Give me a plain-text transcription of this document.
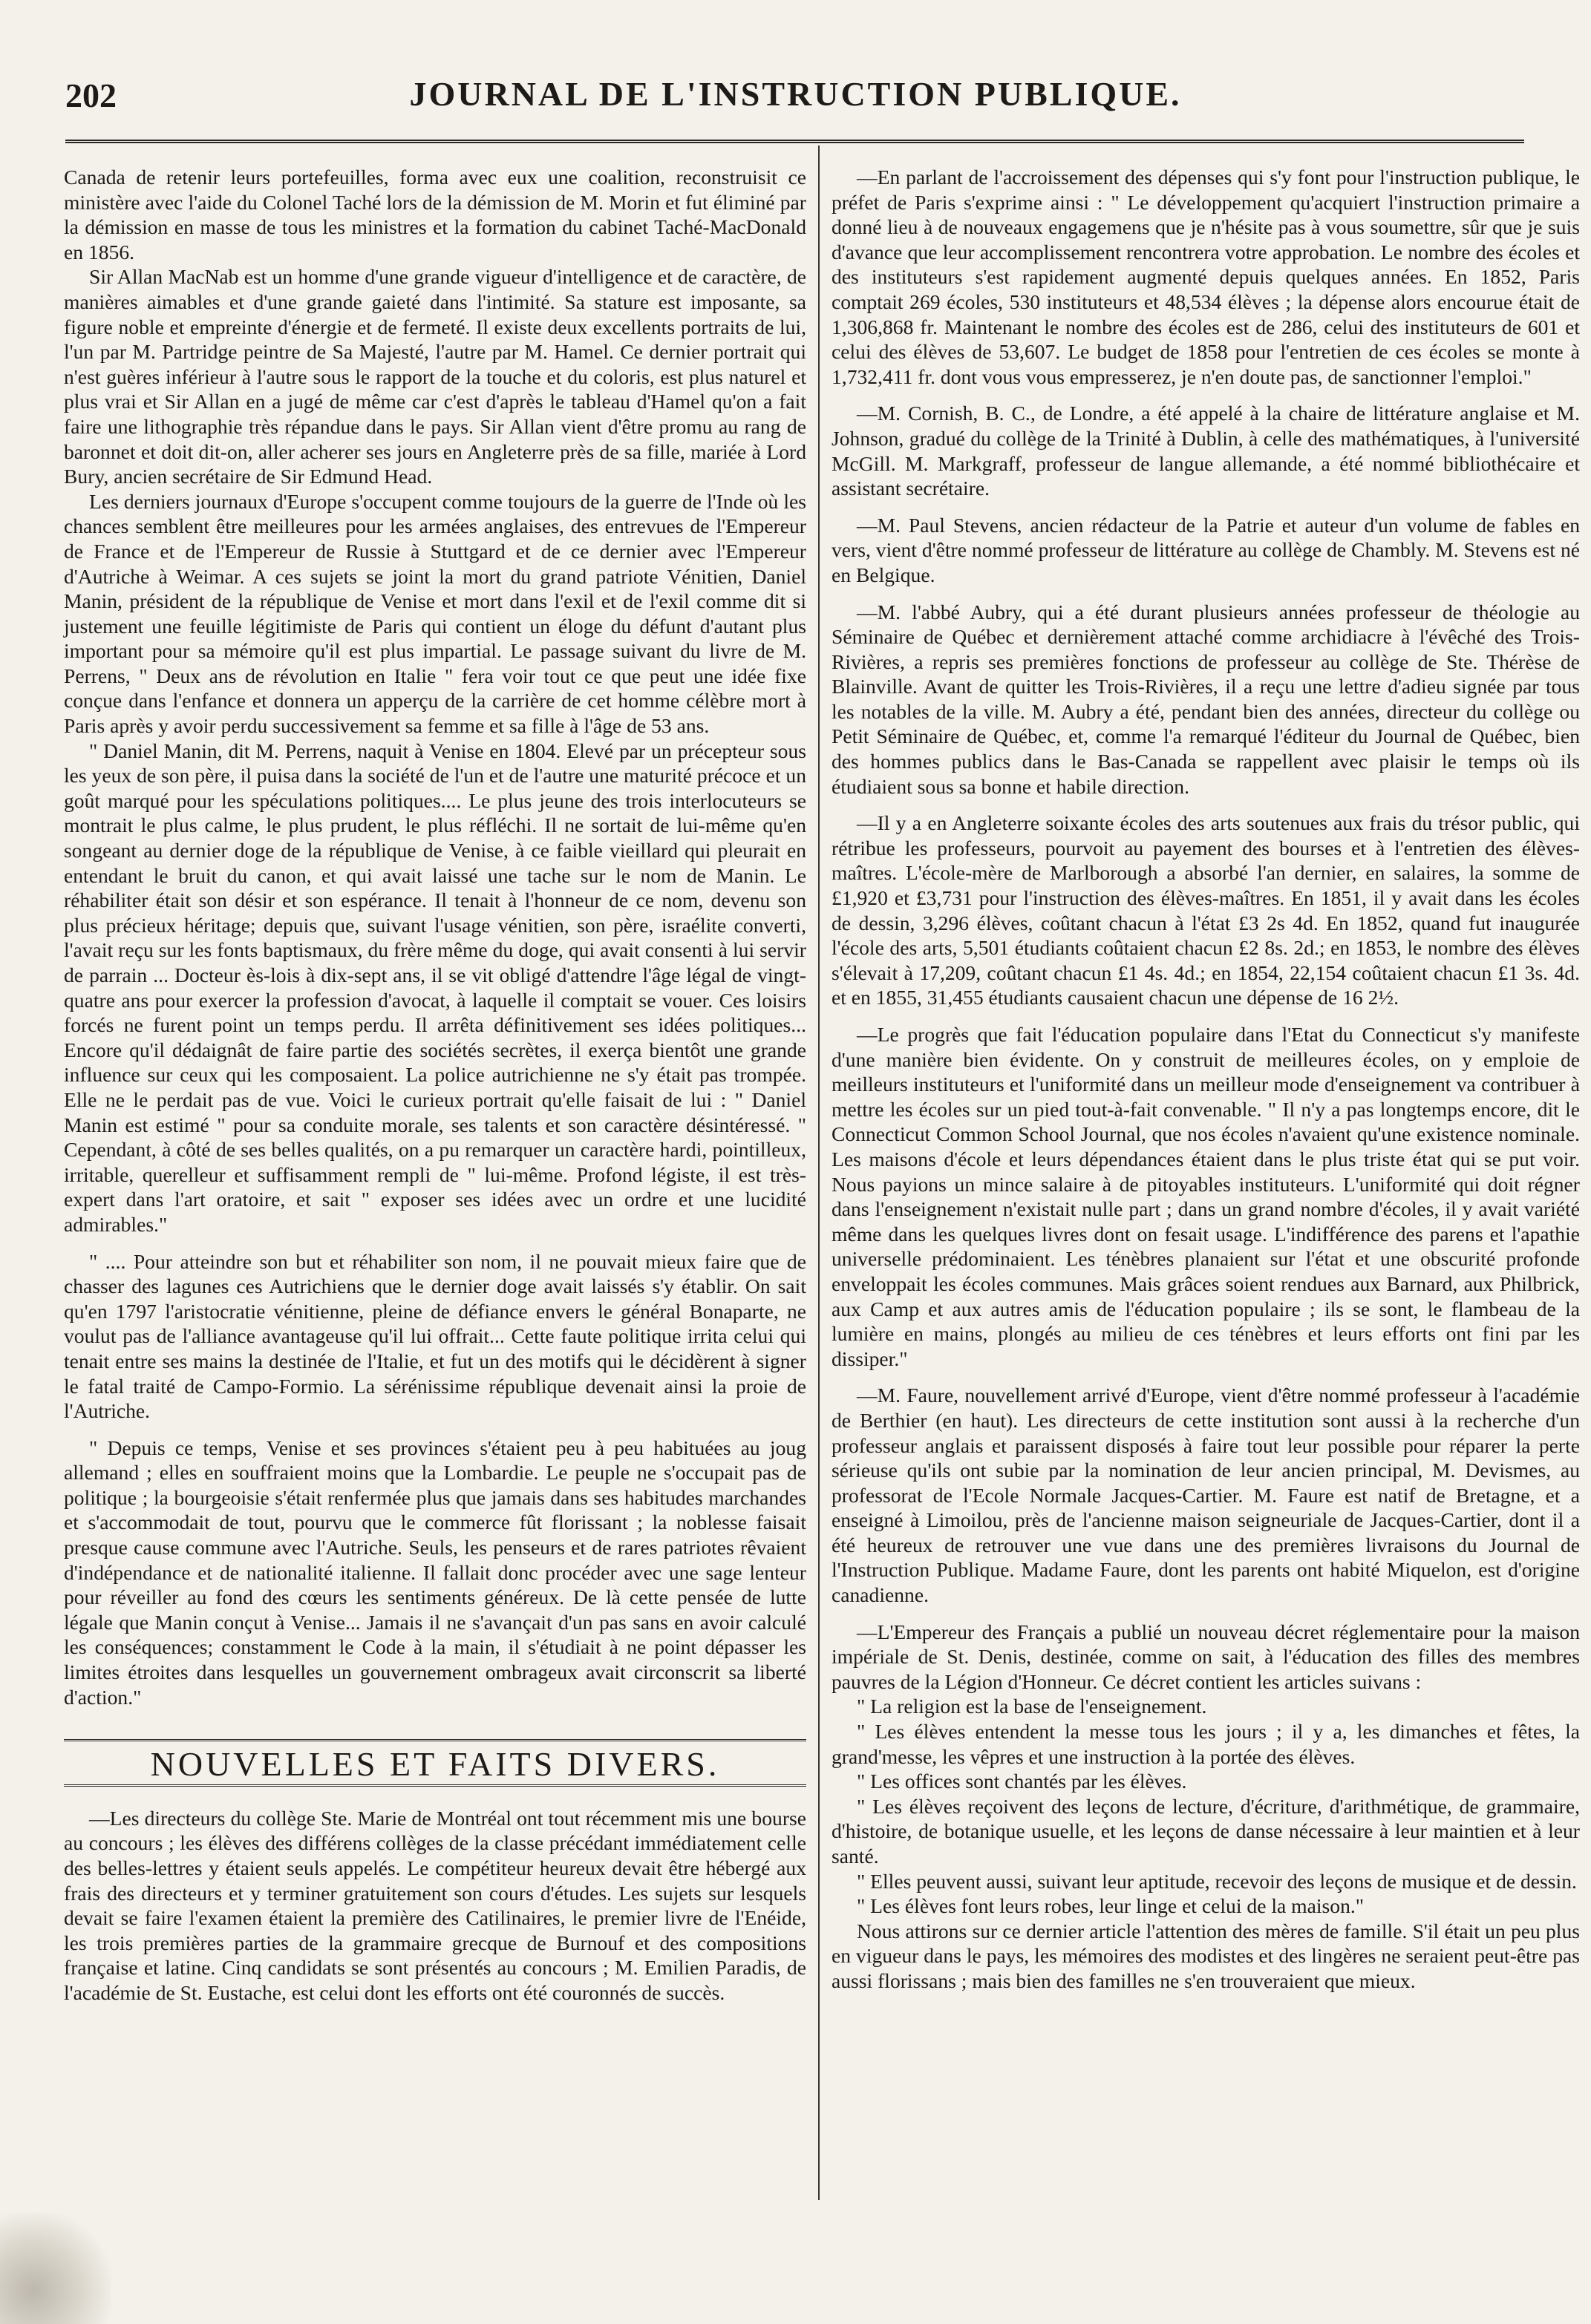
202	JOURNAL DE L'INSTRUCTION PUBLIQUE.

Canada de retenir leurs portefeuilles, forma avec eux une coalition, reconstruisit ce ministère avec l'aide du Colonel Taché lors de la démission de M. Morin et fut éliminé par la démission en masse de tous les ministres et la formation du cabinet Taché-MacDonald en 1856.

Sir Allan MacNab est un homme d'une grande vigueur d'intelligence et de caractère, de manières aimables et d'une grande gaieté dans l'intimité. Sa stature est imposante, sa figure noble et empreinte d'énergie et de fermeté. Il existe deux excellents portraits de lui, l'un par M. Partridge peintre de Sa Majesté, l'autre par M. Hamel. Ce dernier portrait qui n'est guères inférieur à l'autre sous le rapport de la touche et du coloris, est plus naturel et plus vrai et Sir Allan en a jugé de même car c'est d'après le tableau d'Hamel qu'on a fait faire une lithographie très répandue dans le pays. Sir Allan vient d'être promu au rang de baronnet et doit dit-on, aller acherer ses jours en Angleterre près de sa fille, mariée à Lord Bury, ancien secrétaire de Sir Edmund Head.

Les derniers journaux d'Europe s'occupent comme toujours de la guerre de l'Inde où les chances semblent être meilleures pour les armées anglaises, des entrevues de l'Empereur de France et de l'Empereur de Russie à Stuttgard et de ce dernier avec l'Empereur d'Autriche à Weimar. A ces sujets se joint la mort du grand patriote Vénitien, Daniel Manin, président de la république de Venise et mort dans l'exil et de l'exil comme dit si justement une feuille légitimiste de Paris qui contient un éloge du défunt d'autant plus important pour sa mémoire qu'il est plus impartial. Le passage suivant du livre de M. Perrens, " Deux ans de révolution en Italie " fera voir tout ce que peut une idée fixe conçue dans l'enfance et donnera un apperçu de la carrière de cet homme célèbre mort à Paris après y avoir perdu successivement sa femme et sa fille à l'âge de 53 ans.

" Daniel Manin, dit M. Perrens, naquit à Venise en 1804. Elevé par un précepteur sous les yeux de son père, il puisa dans la société de l'un et de l'autre une maturité précoce et un goût marqué pour les spéculations politiques.... Le plus jeune des trois interlocuteurs se montrait le plus calme, le plus prudent, le plus réfléchi. Il ne sortait de lui-même qu'en songeant au dernier doge de la république de Venise, à ce faible vieillard qui pleurait en entendant le bruit du canon, et qui avait laissé une tache sur le nom de Manin. Le réhabiliter était son désir et son espérance. Il tenait à l'honneur de ce nom, devenu son plus précieux héritage; depuis que, suivant l'usage vénitien, son père, israélite converti, l'avait reçu sur les fonts baptismaux, du frère même du doge, qui avait consenti à lui servir de parrain ... Docteur ès-lois à dix-sept ans, il se vit obligé d'attendre l'âge légal de vingt-quatre ans pour exercer la profession d'avocat, à laquelle il comptait se vouer. Ces loisirs forcés ne furent point un temps perdu. Il arrêta définitivement ses idées politiques... Encore qu'il dédaignât de faire partie des sociétés secrètes, il exerça bientôt une grande influence sur ceux qui les composaient. La police autrichienne ne s'y était pas trompée. Elle ne le perdait pas de vue. Voici le curieux portrait qu'elle faisait de lui : " Daniel Manin est estimé " pour sa conduite morale, ses talents et son caractère désintéressé. " Cependant, à côté de ses belles qualités, on a pu remarquer un caractère hardi, pointilleux, irritable, querelleur et suffisamment rempli de " lui-même. Profond légiste, il est très-expert dans l'art oratoire, et sait " exposer ses idées avec un ordre et une lucidité admirables."

" .... Pour atteindre son but et réhabiliter son nom, il ne pouvait mieux faire que de chasser des lagunes ces Autrichiens que le dernier doge avait laissés s'y établir. On sait qu'en 1797 l'aristocratie vénitienne, pleine de défiance envers le général Bonaparte, ne voulut pas de l'alliance avantageuse qu'il lui offrait... Cette faute politique irrita celui qui tenait entre ses mains la destinée de l'Italie, et fut un des motifs qui le décidèrent à signer le fatal traité de Campo-Formio. La sérénissime république devenait ainsi la proie de l'Autriche.

" Depuis ce temps, Venise et ses provinces s'étaient peu à peu habituées au joug allemand ; elles en souffraient moins que la Lombardie. Le peuple ne s'occupait pas de politique ; la bourgeoisie s'était renfermée plus que jamais dans ses habitudes marchandes et s'accommodait de tout, pourvu que le commerce fût florissant ; la noblesse faisait presque cause commune avec l'Autriche. Seuls, les penseurs et de rares patriotes rêvaient d'indépendance et de nationalité italienne. Il fallait donc procéder avec une sage lenteur pour réveiller au fond des cœurs les sentiments généreux. De là cette pensée de lutte légale que Manin conçut à Venise... Jamais il ne s'avançait d'un pas sans en avoir calculé les conséquences; constamment le Code à la main, il s'étudiait à ne point dépasser les limites étroites dans lesquelles un gouvernement ombrageux avait circonscrit sa liberté d'action."

NOUVELLES ET FAITS DIVERS.

—Les directeurs du collège Ste. Marie de Montréal ont tout récemment mis une bourse au concours ; les élèves des différens collèges de la classe précédant immédiatement celle des belles-lettres y étaient seuls appelés. Le compétiteur heureux devait être hébergé aux frais des directeurs et y terminer gratuitement son cours d'études. Les sujets sur lesquels devait se faire l'examen étaient la première des Catilinaires, le premier livre de l'Enéide, les trois premières parties de la grammaire grecque de Burnouf et des compositions française et latine. Cinq candidats se sont présentés au concours ; M. Emilien Paradis, de l'académie de St. Eustache, est celui dont les efforts ont été couronnés de succès.

—En parlant de l'accroissement des dépenses qui s'y font pour l'instruction publique, le préfet de Paris s'exprime ainsi : " Le développement qu'acquiert l'instruction primaire a donné lieu à de nouveaux engagemens que je n'hésite pas à vous soumettre, sûr que je suis d'avance que leur accomplissement rencontrera votre approbation. Le nombre des écoles et des instituteurs s'est rapidement augmenté depuis quelques années. En 1852, Paris comptait 269 écoles, 530 instituteurs et 48,534 élèves ; la dépense alors encourue était de 1,306,868 fr. Maintenant le nombre des écoles est de 286, celui des instituteurs de 601 et celui des élèves de 53,607. Le budget de 1858 pour l'entretien de ces écoles se monte à 1,732,411 fr. dont vous vous empresserez, je n'en doute pas, de sanctionner l'emploi."

—M. Cornish, B. C., de Londre, a été appelé à la chaire de littérature anglaise et M. Johnson, gradué du collège de la Trinité à Dublin, à celle des mathématiques, à l'université McGill. M. Markgraff, professeur de langue allemande, a été nommé bibliothécaire et assistant secrétaire.

—M. Paul Stevens, ancien rédacteur de la Patrie et auteur d'un volume de fables en vers, vient d'être nommé professeur de littérature au collège de Chambly. M. Stevens est né en Belgique.

—M. l'abbé Aubry, qui a été durant plusieurs années professeur de théologie au Séminaire de Québec et dernièrement attaché comme archidiacre à l'évêché des Trois-Rivières, a repris ses premières fonctions de professeur au collège de Ste. Thérèse de Blainville. Avant de quitter les Trois-Rivières, il a reçu une lettre d'adieu signée par tous les notables de la ville. M. Aubry a été, pendant bien des années, directeur du collège ou Petit Séminaire de Québec, et, comme l'a remarqué l'éditeur du Journal de Québec, bien des hommes publics dans le Bas-Canada se rappellent avec plaisir le temps où ils étudiaient sous sa bonne et habile direction.

—Il y a en Angleterre soixante écoles des arts soutenues aux frais du trésor public, qui rétribue les professeurs, pourvoit au payement des bourses et à l'entretien des élèves-maîtres. L'école-mère de Marlborough a absorbé l'an dernier, en salaires, la somme de £1,920 et £3,731 pour l'instruction des élèves-maîtres. En 1851, il y avait dans les écoles de dessin, 3,296 élèves, coûtant chacun à l'état £3 2s 4d. En 1852, quand fut inaugurée l'école des arts, 5,501 étudiants coûtaient chacun £2 8s. 2d.; en 1853, le nombre des élèves s'élevait à 17,209, coûtant chacun £1 4s. 4d.; en 1854, 22,154 coûtaient chacun £1 3s. 4d. et en 1855, 31,455 étudiants causaient chacun une dépense de 16 2½.

—Le progrès que fait l'éducation populaire dans l'Etat du Connecticut s'y manifeste d'une manière bien évidente. On y construit de meilleures écoles, on y emploie de meilleurs instituteurs et l'uniformité dans un meilleur mode d'enseignement va contribuer à mettre les écoles sur un pied tout-à-fait convenable. " Il n'y a pas longtemps encore, dit le Connecticut Common School Journal, que nos écoles n'avaient qu'une existence nominale. Les maisons d'école et leurs dépendances étaient dans le plus triste état qui se put voir. Nous payions un mince salaire à de pitoyables instituteurs. L'uniformité qui doit régner dans l'enseignement n'existait nulle part ; dans un grand nombre d'écoles, il y avait variété même dans les quelques livres dont on fesait usage. L'indifférence des parens et l'apathie universelle prédominaient. Les ténèbres planaient sur l'état et une obscurité profonde enveloppait les écoles communes. Mais grâces soient rendues aux Barnard, aux Philbrick, aux Camp et aux autres amis de l'éducation populaire ; ils se sont, le flambeau de la lumière en mains, plongés au milieu de ces ténèbres et leurs efforts ont fini par les dissiper."

—M. Faure, nouvellement arrivé d'Europe, vient d'être nommé professeur à l'académie de Berthier (en haut). Les directeurs de cette institution sont aussi à la recherche d'un professeur anglais et paraissent disposés à faire tout leur possible pour réparer la perte sérieuse qu'ils ont subie par la nomination de leur ancien principal, M. Devismes, au professorat de l'Ecole Normale Jacques-Cartier. M. Faure est natif de Bretagne, et a enseigné à Limoilou, près de l'ancienne maison seigneuriale de Jacques-Cartier, dont il a été heureux de retrouver une vue dans une des premières livraisons du Journal de l'Instruction Publique. Madame Faure, dont les parents ont habité Miquelon, est d'origine canadienne.

—L'Empereur des Français a publié un nouveau décret réglementaire pour la maison impériale de St. Denis, destinée, comme on sait, à l'éducation des filles des membres pauvres de la Légion d'Honneur. Ce décret contient les articles suivans :

" La religion est la base de l'enseignement.

" Les élèves entendent la messe tous les jours ; il y a, les dimanches et fêtes, la grand'messe, les vêpres et une instruction à la portée des élèves.

" Les offices sont chantés par les élèves.

" Les élèves reçoivent des leçons de lecture, d'écriture, d'arithmétique, de grammaire, d'histoire, de botanique usuelle, et les leçons de danse nécessaire à leur maintien et à leur santé.

" Elles peuvent aussi, suivant leur aptitude, recevoir des leçons de musique et de dessin.

" Les élèves font leurs robes, leur linge et celui de la maison."

Nous attirons sur ce dernier article l'attention des mères de famille. S'il était un peu plus en vigueur dans le pays, les mémoires des modistes et des lingères ne seraient peut-être pas aussi florissans ; mais bien des familles ne s'en trouveraient que mieux.
